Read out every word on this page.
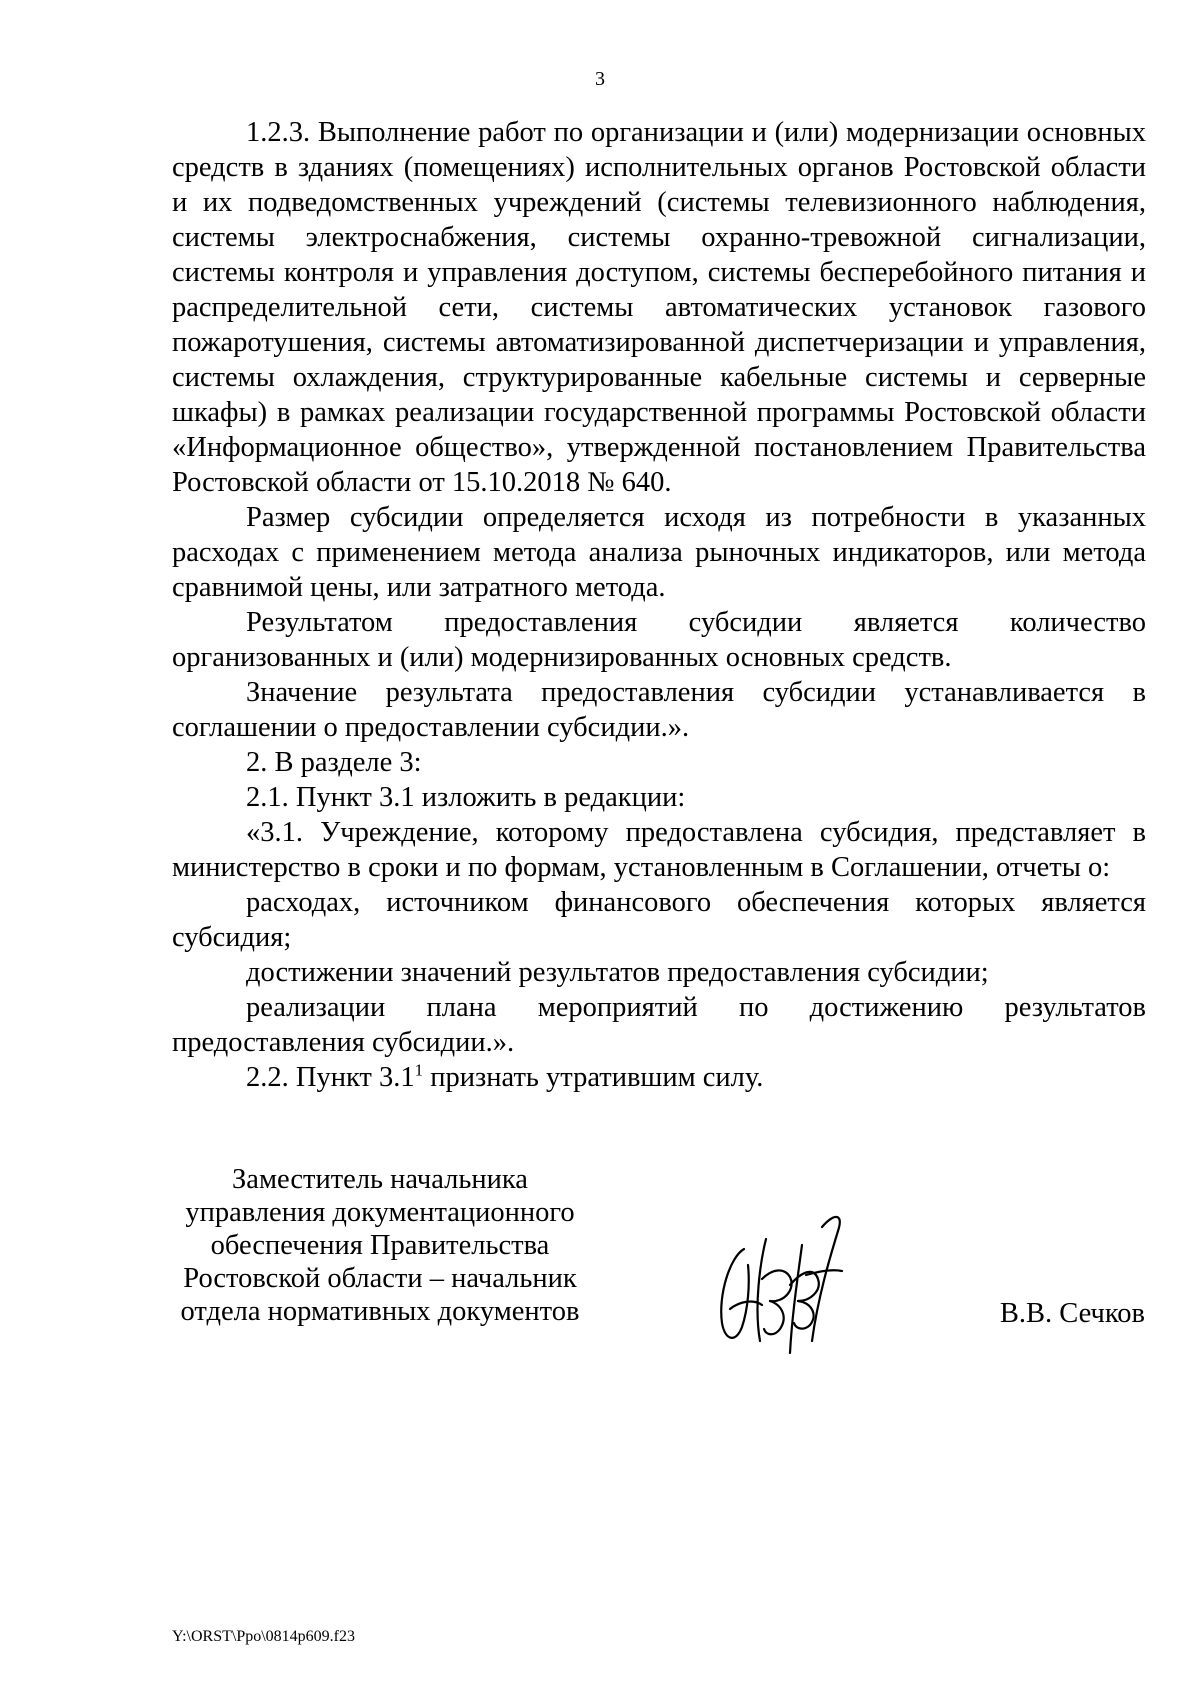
3

1.2.3. Выполнение работ по организации и (или) модернизации основных средств в зданиях (помещениях) исполнительных органов Ростовской области и их подведомственных учреждений (системы телевизионного наблюдения, системы электроснабжения, системы охранно-тревожной сигнализации, системы контроля и управления доступом, системы бесперебойного питания и распределительной сети, системы автоматических установок газового пожаротушения, системы автоматизированной диспетчеризации и управления, системы охлаждения, структурированные кабельные системы и серверные шкафы) в рамках реализации государственной программы Ростовской области «Информационное общество», утвержденной постановлением Правительства Ростовской области от 15.10.2018 № 640.

Размер субсидии определяется исходя из потребности в указанных расходах с применением метода анализа рыночных индикаторов, или метода сравнимой цены, или затратного метода.

Результатом предоставления субсидии является количество организованных и (или) модернизированных основных средств.

Значение результата предоставления субсидии устанавливается в соглашении о предоставлении субсидии.».

2. В разделе 3:

2.1. Пункт 3.1 изложить в редакции:

«3.1. Учреждение, которому предоставлена субсидия, представляет в министерство в сроки и по формам, установленным в Соглашении, отчеты о:

расходах, источником финансового обеспечения которых является субсидия;

достижении значений результатов предоставления субсидии;

реализации плана мероприятий по достижению результатов предоставления субсидии.».

2.2. Пункт $3.1^1$ признать утратившим силу.

Заместитель начальника
управления документационного
обеспечения Правительства
Ростовской области – начальник
отдела нормативных документов	В.В. Сечков
Y:\ORST\Ppo\0814p609.f23
